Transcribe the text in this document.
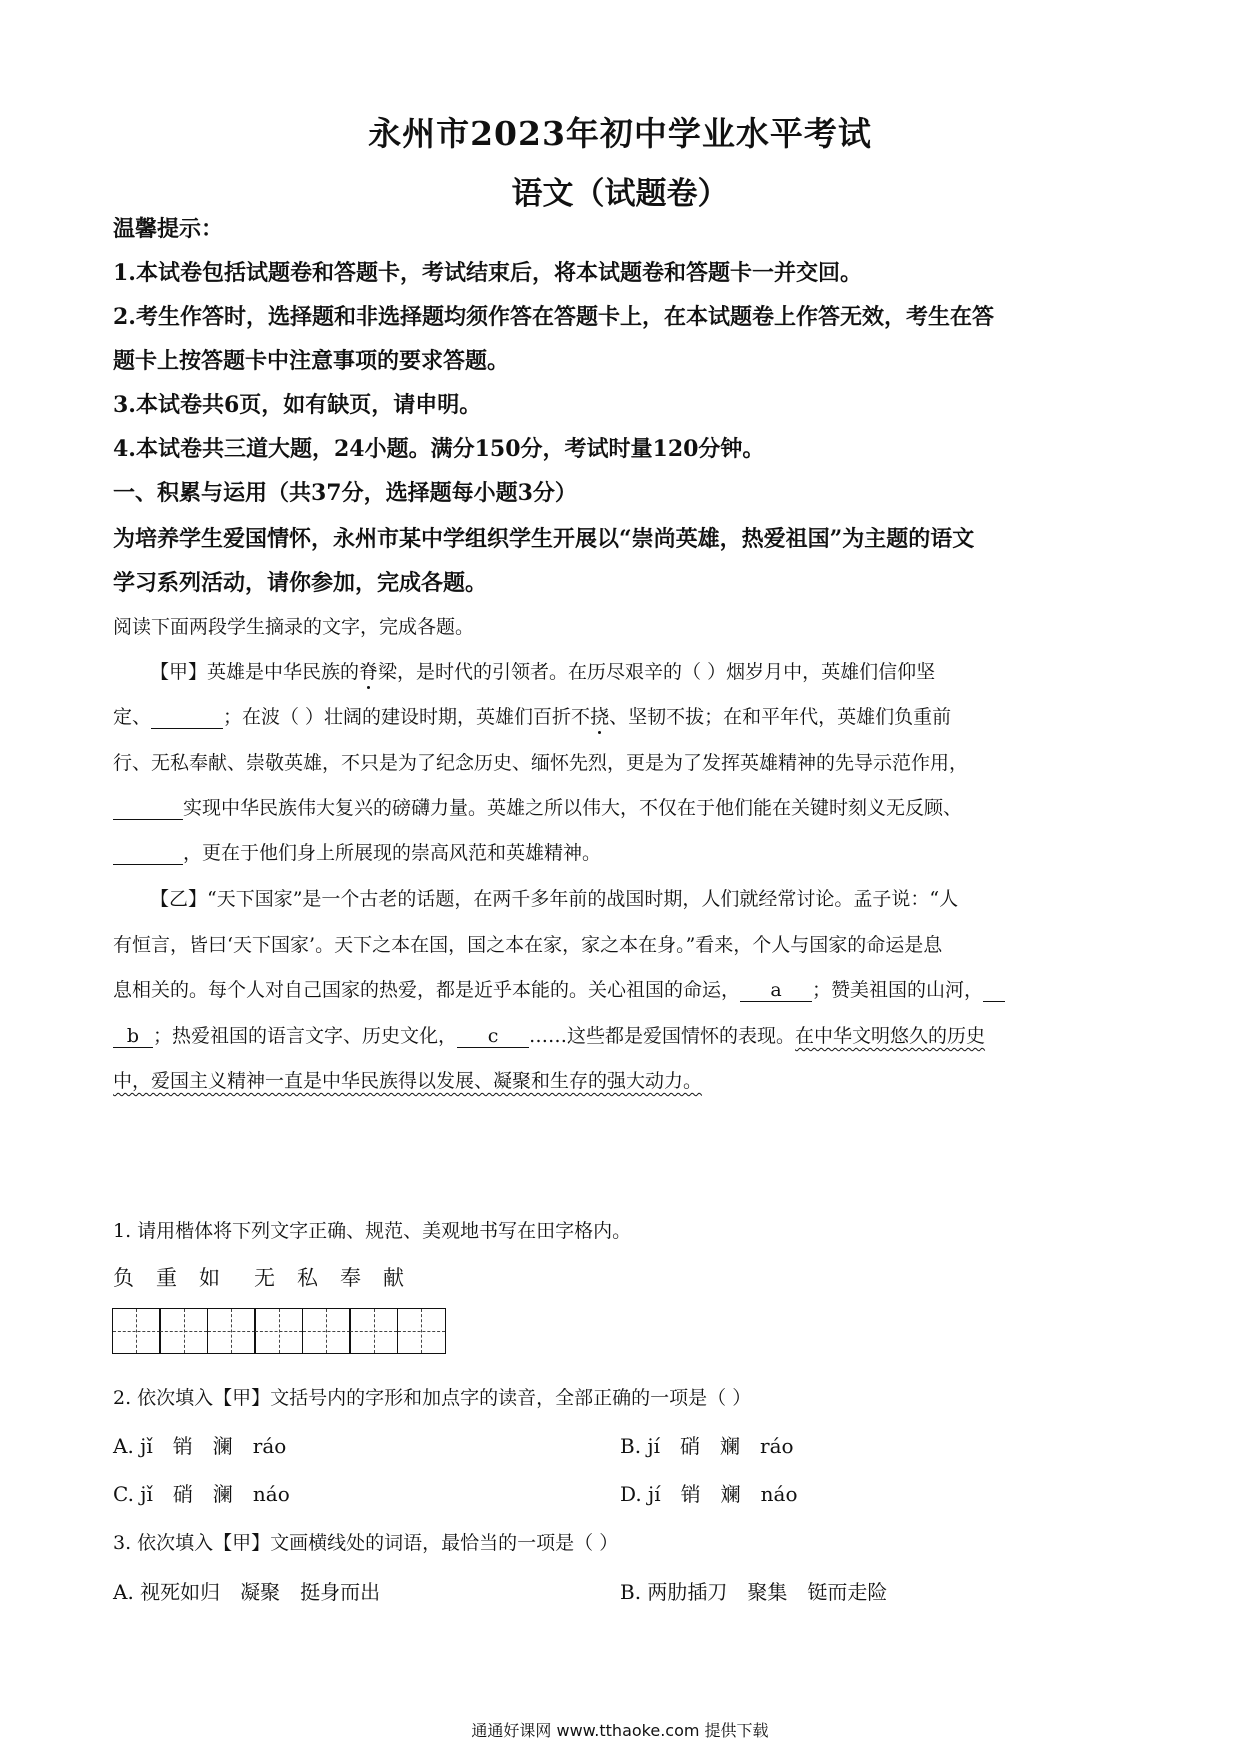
永州市2023年初中学业水平考试
语文（试题卷）
温馨提示：
1.本试卷包括试题卷和答题卡，考试结束后，将本试题卷和答题卡一并交回。
2.考生作答时，选择题和非选择题均须作答在答题卡上，在本试题卷上作答无效，考生在答
题卡上按答题卡中注意事项的要求答题。
3.本试卷共6页，如有缺页，请申明。
4.本试卷共三道大题，24小题。满分150分，考试时量120分钟。
一、积累与运用（共37分，选择题每小题3分）
为培养学生爱国情怀，永州市某中学组织学生开展以“崇尚英雄，热爱祖国”为主题的语文
学习系列活动，请你参加，完成各题。
阅读下面两段学生摘录的文字，完成各题。
【甲】英雄是中华民族的脊梁，是时代的引领者。在历尽艰辛的（ ）烟岁月中，英雄们信仰坚
定、	；在波（ ）壮阔的建设时期，英雄们百折不挠、坚韧不拔；在和平年代，英雄们负重前
行、无私奉献、崇敬英雄，不只是为了纪念历史、缅怀先烈，更是为了发挥英雄精神的先导示范作用，
实现中华民族伟大复兴的磅礴力量。英雄之所以伟大，不仅在于他们能在关键时刻义无反顾、
，更在于他们身上所展现的崇高风范和英雄精神。
【乙】“天下国家”是一个古老的话题，在两千多年前的战国时期，人们就经常讨论。孟子说：“人
有恒言，皆曰‘天下国家’。天下之本在国，国之本在家，家之本在身。”看来，个人与国家的命运是息
息相关的。每个人对自己国家的热爱，都是近乎本能的。关心祖国的命运， a ；赞美祖国的山河，
b ；热爱祖国的语言文字、历史文化， c ……这些都是爱国情怀的表现。在中华文明悠久的历史
中，爱国主义精神一直是中华民族得以发展、凝聚和生存的强大动力。
1. 请用楷体将下列文字正确、规范、美观地书写在田字格内。
负 重 如 无 私 奉 献
2. 依次填入【甲】文括号内的字形和加点字的读音，全部正确的一项是（ ）
A. jǐ 销 澜 ráo	B. jí 硝 斓 ráo
C. jǐ 硝 澜 náo	D. jí 销 斓 náo
3. 依次填入【甲】文画横线处的词语，最恰当的一项是（ ）
A. 视死如归 凝聚 挺身而出	B. 两肋插刀 聚集 铤而走险
通通好课网 www.tthaoke.com 提供下载
